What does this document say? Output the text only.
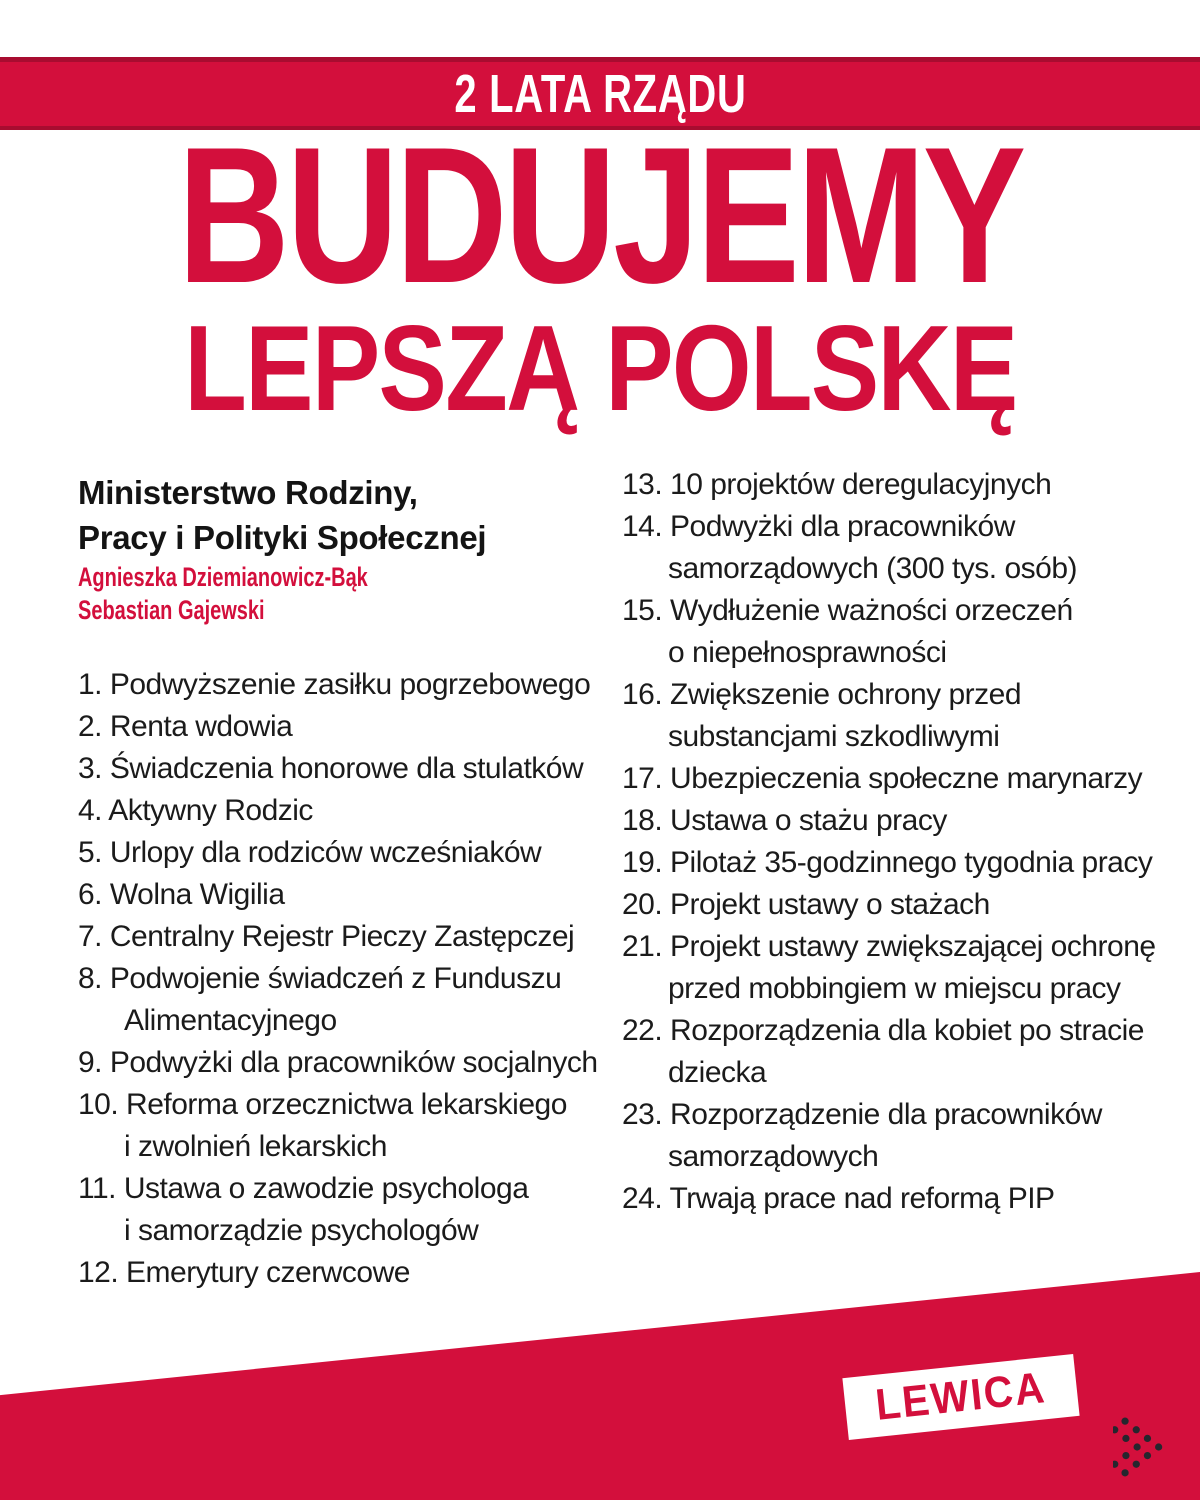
2 LATA RZĄDU
BUDUJEMY
LEPSZĄ POLSKĘ
Ministerstwo Rodziny,
Pracy i Polityki Społecznej
Agnieszka Dziemianowicz-Bąk
Sebastian Gajewski
1. Podwyższenie zasiłku pogrzebowego
2. Renta wdowia
3. Świadczenia honorowe dla stulatków
4. Aktywny Rodzic
5. Urlopy dla rodziców wcześniaków
6. Wolna Wigilia
7. Centralny Rejestr Pieczy Zastępczej
8. Podwojenie świadczeń z Funduszu
Alimentacyjnego
9. Podwyżki dla pracowników socjalnych
10. Reforma orzecznictwa lekarskiego
i zwolnień lekarskich
11. Ustawa o zawodzie psychologa
i samorządzie psychologów
12. Emerytury czerwcowe
13. 10 projektów deregulacyjnych
14. Podwyżki dla pracowników
samorządowych (300 tys. osób)
15. Wydłużenie ważności orzeczeń
o niepełnosprawności
16. Zwiększenie ochrony przed
substancjami szkodliwymi
17. Ubezpieczenia społeczne marynarzy
18. Ustawa o stażu pracy
19. Pilotaż 35-godzinnego tygodnia pracy
20. Projekt ustawy o stażach
21. Projekt ustawy zwiększającej ochronę
przed mobbingiem w miejscu pracy
22. Rozporządzenia dla kobiet po stracie
dziecka
23. Rozporządzenie dla pracowników
samorządowych
24. Trwają prace nad reformą PIP
LEWICA
